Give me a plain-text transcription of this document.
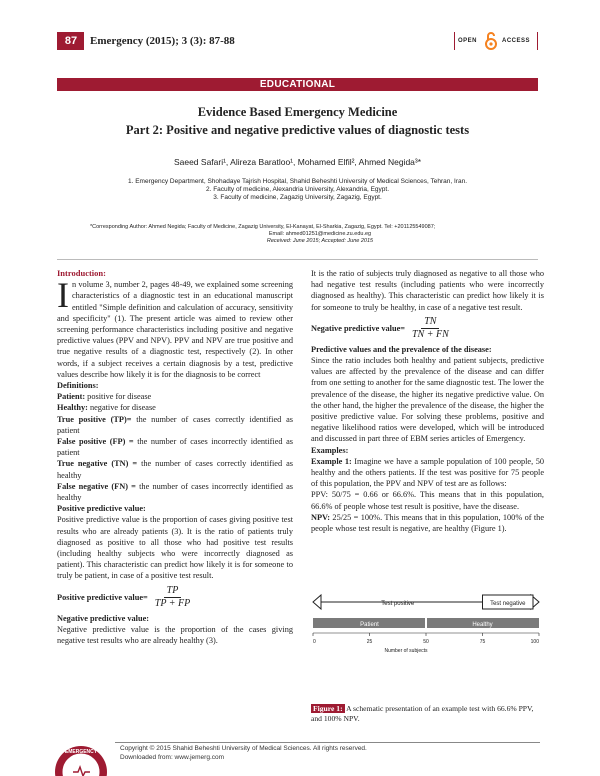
87	Emergency (2015); 3 (3): 87-88	OPEN	ACCESS
EDUCATIONAL
Evidence Based Emergency Medicine
Part 2: Positive and negative predictive values of diagnostic tests
Saeed Safari¹, Alireza Baratloo¹, Mohamed Elfil², Ahmed Negida³*
1. Emergency Department, Shohadaye Tajrish Hospital, Shahid Beheshti University of Medical Sciences, Tehran, Iran.
2. Faculty of medicine, Alexandria University, Alexandria, Egypt.
3. Faculty of medicine, Zagazig University, Zagazig, Egypt.
*Corresponding Author: Ahmed Negida; Faculty of Medicine, Zagazig University, El-Kanayat, El-Sharkia, Zagazig, Egypt. Tel: +201125549087;
Email: ahmed01251@medicine.zu.edu.eg
Received: June 2015; Accepted: June 2015
Introduction:

In volume 3, number 2, pages 48-49, we explained some screening characteristics of a diagnostic test in an educational manuscript entitled "Simple definition and calculation of accuracy, sensitivity and specificity" (1). The present article was aimed to review other screening performance characteristics including positive and negative predictive values (PPV and NPV). PPV and NPV are true positive and true negative results of a diagnostic test, respectively (2). In other words, if a subject receives a certain diagnosis by a test, predictive values describe how likely it is for the diagnosis to be correct

Definitions:
Patient: positive for disease
Healthy: negative for disease
True positive (TP)= the number of cases correctly identified as patient
False positive (FP) = the number of cases incorrectly identified as patient
True negative (TN) = the number of cases correctly identified as healthy
False negative (FN) = the number of cases incorrectly identified as healthy
Positive predictive value:

Positive predictive value is the proportion of cases giving positive test results who are already patients (3). It is the ratio of patients truly diagnosed as positive to all those who had positive test results (including healthy subjects who were incorrectly diagnosed as patient). This characteristic can predict how likely it is for someone to truly be patient, in case of a positive test result.

Positive predictive value= $\frac{TP}{TP + FP}$
Negative predictive value:

Negative predictive value is the proportion of the cases giving negative test results who are already healthy (3).

It is the ratio of subjects truly diagnosed as negative to all those who had negative test results (including patients who were incorrectly diagnosed as healthy). This characteristic can predict how likely it is for someone to truly be healthy, in case of a negative test result.

Negative predictive value= $\frac{TN}{TN + FN}$
Predictive values and the prevalence of the disease:

Since the ratio includes both healthy and patient subjects, predictive values are affected by the prevalence of the disease and can differ from one setting to another for the same diagnostic test. The lower the prevalence of the disease, the higher its negative predictive value. On the other hand, the higher the prevalence of the disease, the higher the positive predictive value. For solving these problems, positive and negative likelihood ratios were developed, which will be introduced and discussed in part three of EBM series articles of Emergency.

Examples:

Example 1: Imagine we have a sample population of 100 people, 50 healthy and the others patients. If the test was positive for 75 people of this population, the PPV and NPV of test are as follows:

PPV: 50/75 = 0.66 or 66.6%. This means that in this population, 66.6% of people whose test result is positive, have the disease.

NPV: 25/25 = 100%. This means that in this population, 100% of the people whose test result is negative, are healthy (Figure 1).

Test positive	Test negative
Patient	Healthy
0	25	50	75	100
Number of subjects
Figure 1: A schematic presentation of an example test with 66.6% PPV, and 100% NPV.
EMERGENCY	Copyright © 2015 Shahid Beheshti University of Medical Sciences. All rights reserved.
Downloaded from: www.jemerg.com
